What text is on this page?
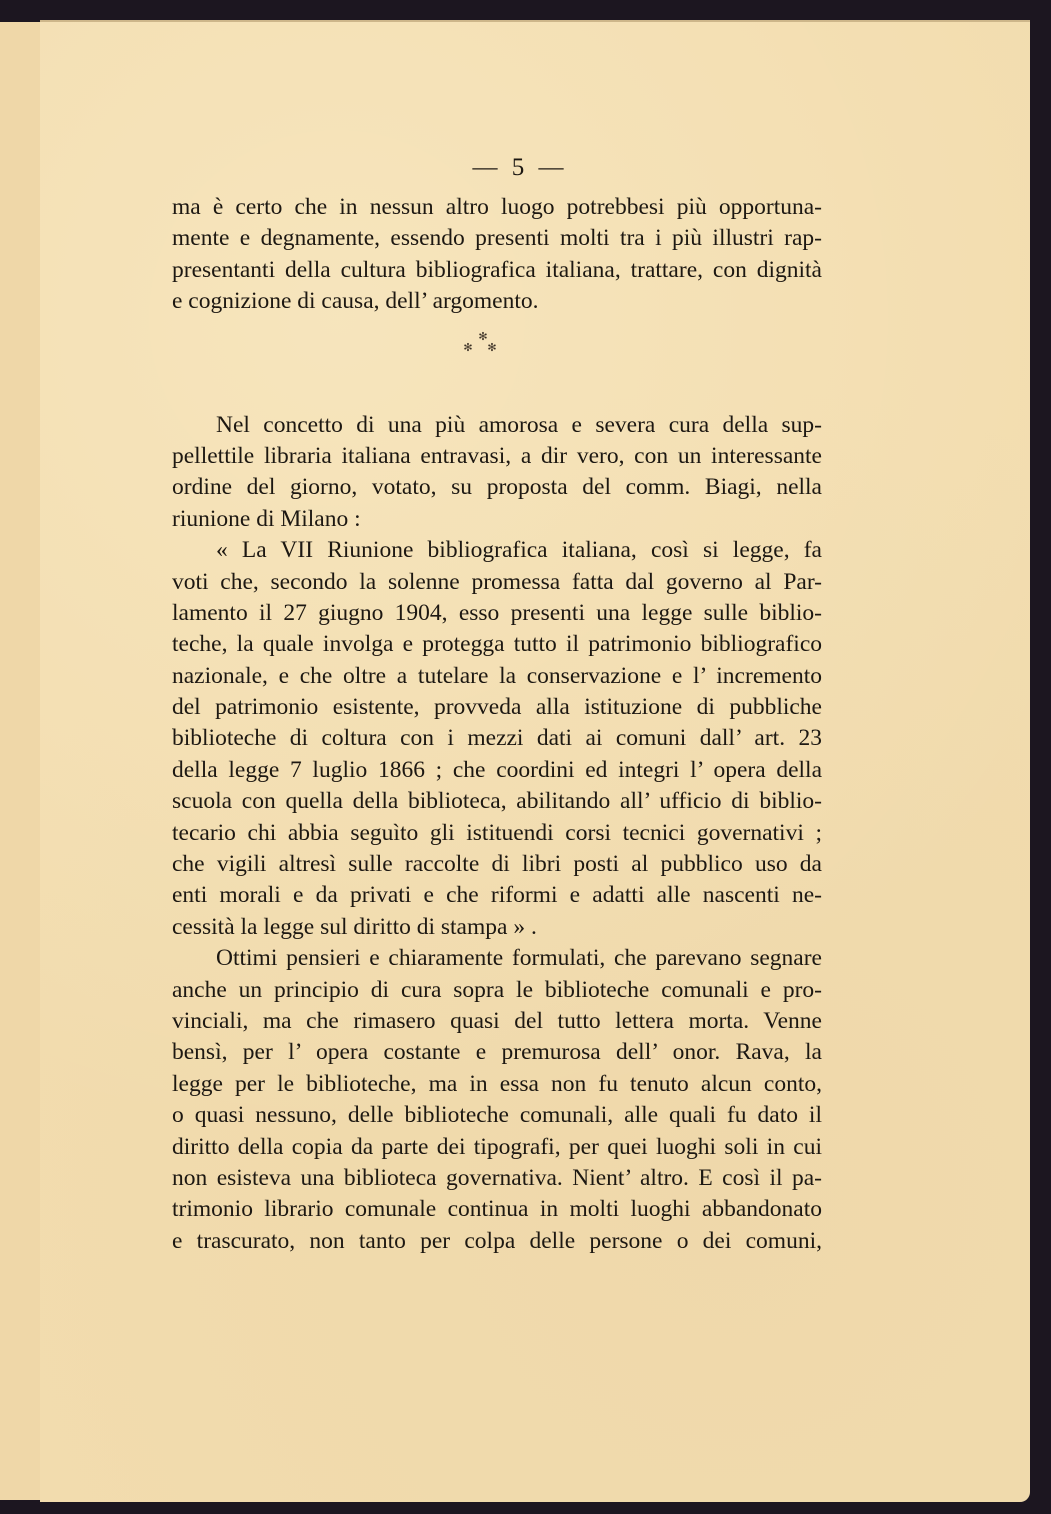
— 5 —
ma è certo che in nessun altro luogo potrebbesi più opportuna-
mente e degnamente, essendo presenti molti tra i più illustri rap-
presentanti della cultura bibliografica italiana, trattare, con dignità
e cognizione di causa, dell’ argomento.
✻
✻ ✻
Nel concetto di una più amorosa e severa cura della sup-
pellettile libraria italiana entravasi, a dir vero, con un interessante
ordine del giorno, votato, su proposta del comm. Biagi, nella
riunione di Milano :
« La VII Riunione bibliografica italiana, così si legge, fa
voti che, secondo la solenne promessa fatta dal governo al Par-
lamento il 27 giugno 1904, esso presenti una legge sulle biblio-
teche, la quale involga e protegga tutto il patrimonio bibliografico
nazionale, e che oltre a tutelare la conservazione e l’ incremento
del patrimonio esistente, provveda alla istituzione di pubbliche
biblioteche di coltura con i mezzi dati ai comuni dall’ art. 23
della legge 7 luglio 1866 ; che coordini ed integri l’ opera della
scuola con quella della biblioteca, abilitando all’ ufficio di biblio-
tecario chi abbia seguìto gli istituendi corsi tecnici governativi ;
che vigili altresì sulle raccolte di libri posti al pubblico uso da
enti morali e da privati e che riformi e adatti alle nascenti ne-
cessità la legge sul diritto di stampa » .
Ottimi pensieri e chiaramente formulati, che parevano segnare
anche un principio di cura sopra le biblioteche comunali e pro-
vinciali, ma che rimasero quasi del tutto lettera morta. Venne
bensì, per l’ opera costante e premurosa dell’ onor. Rava, la
legge per le biblioteche, ma in essa non fu tenuto alcun conto,
o quasi nessuno, delle biblioteche comunali, alle quali fu dato il
diritto della copia da parte dei tipografi, per quei luoghi soli in cui
non esisteva una biblioteca governativa. Nient’ altro. E così il pa-
trimonio librario comunale continua in molti luoghi abbandonato
e trascurato, non tanto per colpa delle persone o dei comuni,
